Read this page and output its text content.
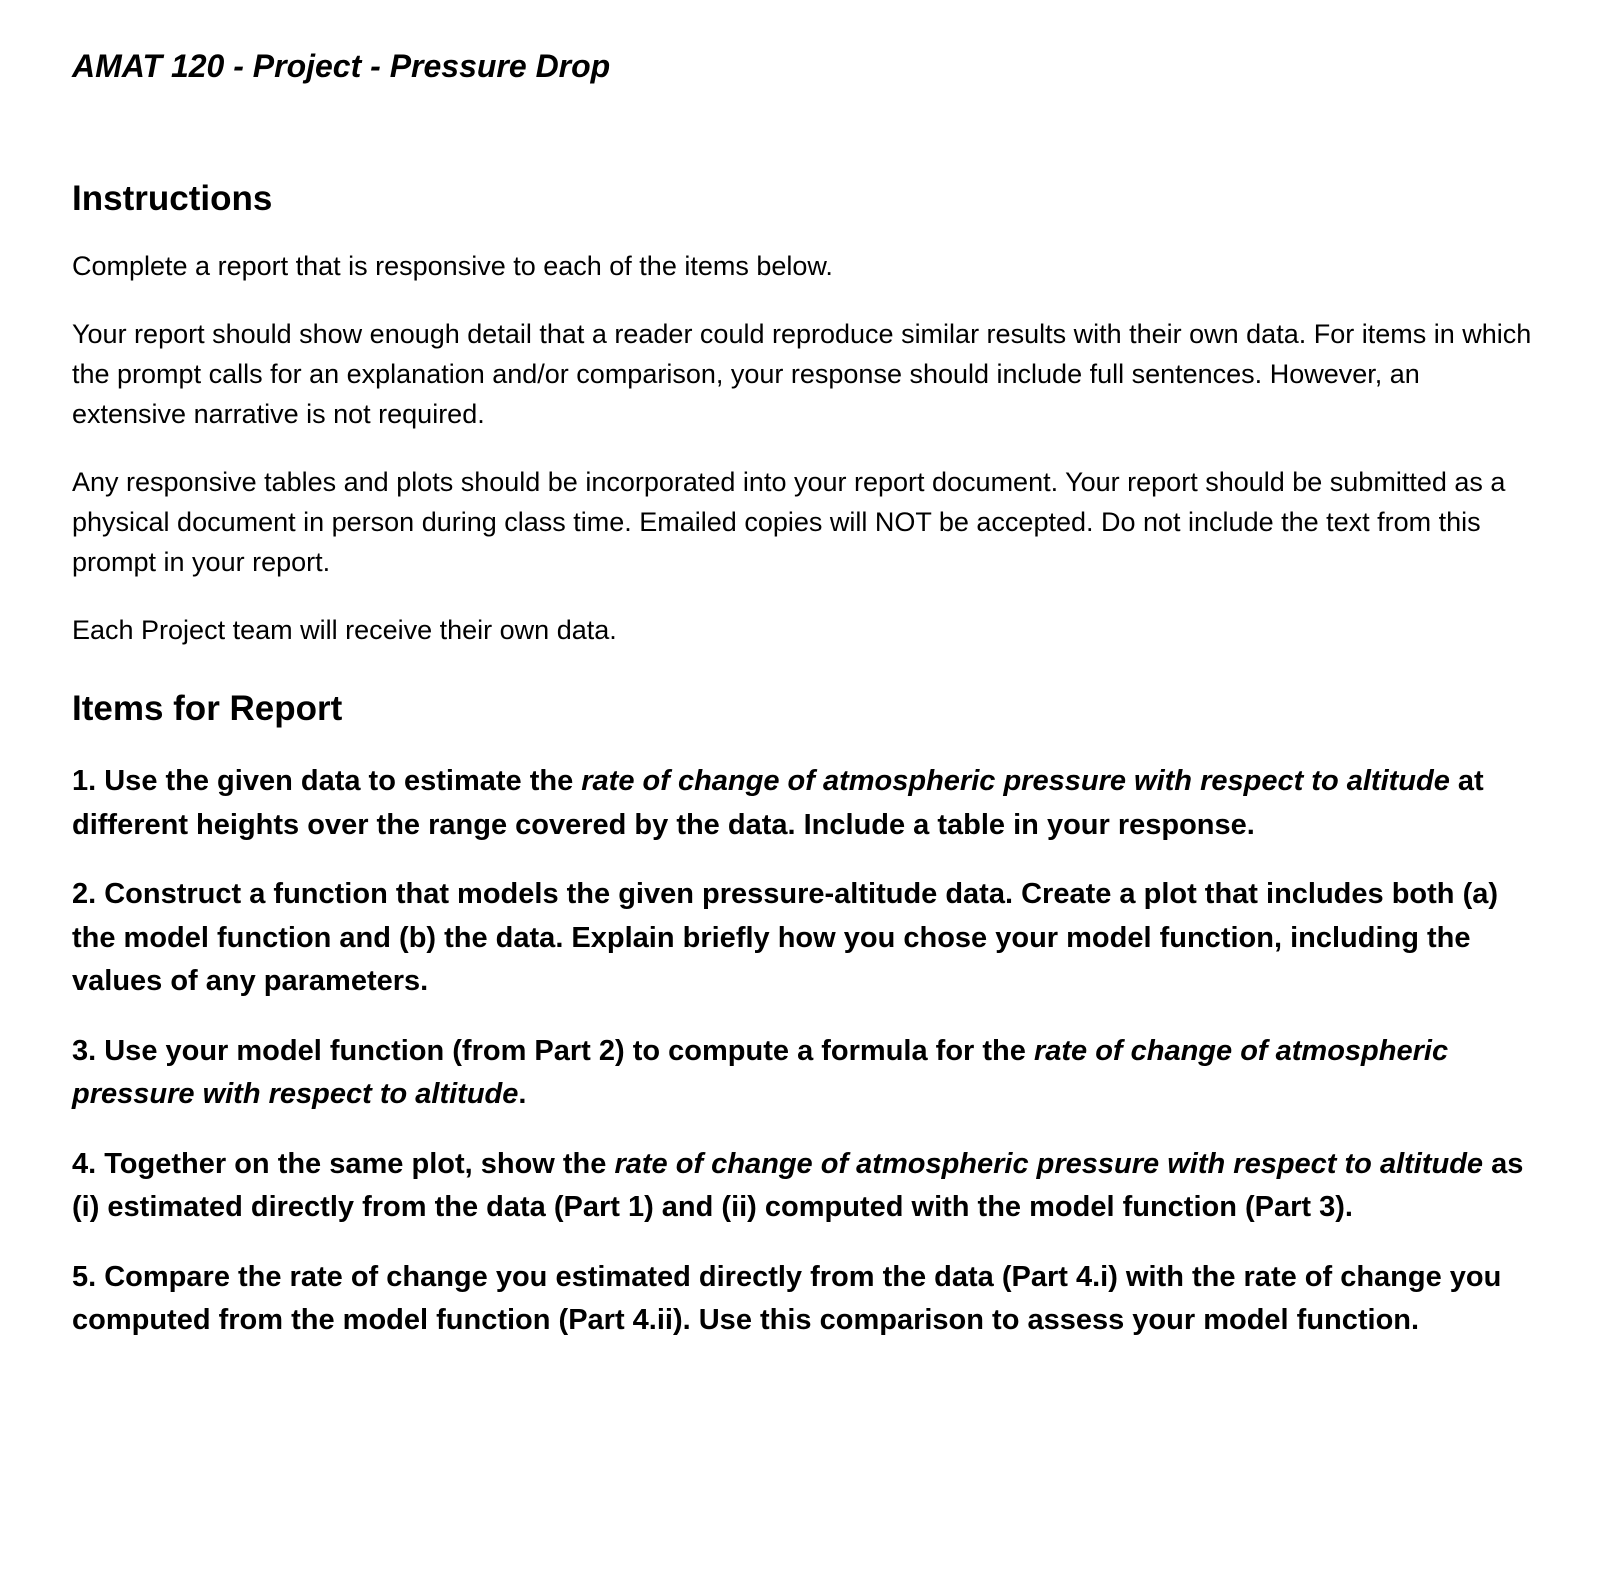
AMAT 120 - Project - Pressure Drop
Instructions

Complete a report that is responsive to each of the items below.

Your report should show enough detail that a reader could reproduce similar results with their own data. For items in which the prompt calls for an explanation and/or comparison, your response should include full sentences. However, an extensive narrative is not required.

Any responsive tables and plots should be incorporated into your report document. Your report should be submitted as a physical document in person during class time. Emailed copies will NOT be accepted. Do not include the text from this prompt in your report.

Each Project team will receive their own data.

Items for Report

1. Use the given data to estimate the rate of change of atmospheric pressure with respect to altitude at different heights over the range covered by the data. Include a table in your response.

2. Construct a function that models the given pressure-altitude data. Create a plot that includes both (a) the model function and (b) the data. Explain briefly how you chose your model function, including the values of any parameters.

3. Use your model function (from Part 2) to compute a formula for the rate of change of atmospheric pressure with respect to altitude.

4. Together on the same plot, show the rate of change of atmospheric pressure with respect to altitude as (i) estimated directly from the data (Part 1) and (ii) computed with the model function (Part 3).

5. Compare the rate of change you estimated directly from the data (Part 4.i) with the rate of change you computed from the model function (Part 4.ii). Use this comparison to assess your model function.
